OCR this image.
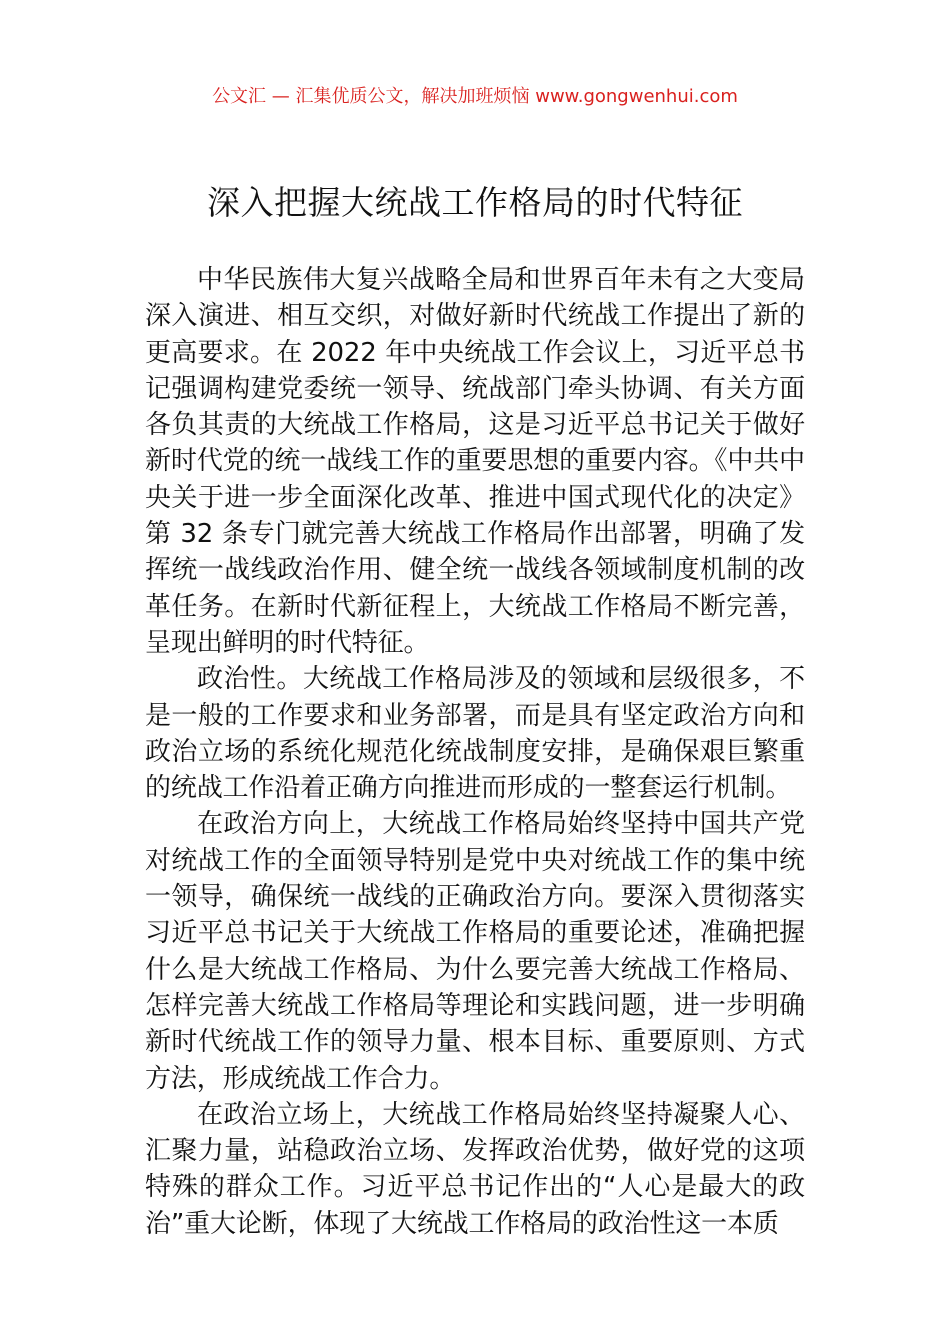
公文汇 — 汇集优质公文，解决加班烦恼 www.gongwenhui.com
深入把握大统战工作格局的时代特征

中华民族伟大复兴战略全局和世界百年未有之大变局深入演进、相互交织，对做好新时代统战工作提出了新的更高要求。在 2022 年中央统战工作会议上，习近平总书记强调构建党委统一领导、统战部门牵头协调、有关方面各负其责的大统战工作格局，这是习近平总书记关于做好新时代党的统一战线工作的重要思想的重要内容。《中共中央关于进一步全面深化改革、推进中国式现代化的决定》第 32 条专门就完善大统战工作格局作出部署，明确了发挥统一战线政治作用、健全统一战线各领域制度机制的改革任务。在新时代新征程上，大统战工作格局不断完善，呈现出鲜明的时代特征。

政治性。大统战工作格局涉及的领域和层级很多，不是一般的工作要求和业务部署，而是具有坚定政治方向和政治立场的系统化规范化统战制度安排，是确保艰巨繁重的统战工作沿着正确方向推进而形成的一整套运行机制。

在政治方向上，大统战工作格局始终坚持中国共产党对统战工作的全面领导特别是党中央对统战工作的集中统一领导，确保统一战线的正确政治方向。要深入贯彻落实习近平总书记关于大统战工作格局的重要论述，准确把握什么是大统战工作格局、为什么要完善大统战工作格局、怎样完善大统战工作格局等理论和实践问题，进一步明确新时代统战工作的领导力量、根本目标、重要原则、方式方法，形成统战工作合力。

在政治立场上，大统战工作格局始终坚持凝聚人心、汇聚力量，站稳政治立场、发挥政治优势，做好党的这项特殊的群众工作。习近平总书记作出的“人心是最大的政治”重大论断，体现了大统战工作格局的政治性这一本质
